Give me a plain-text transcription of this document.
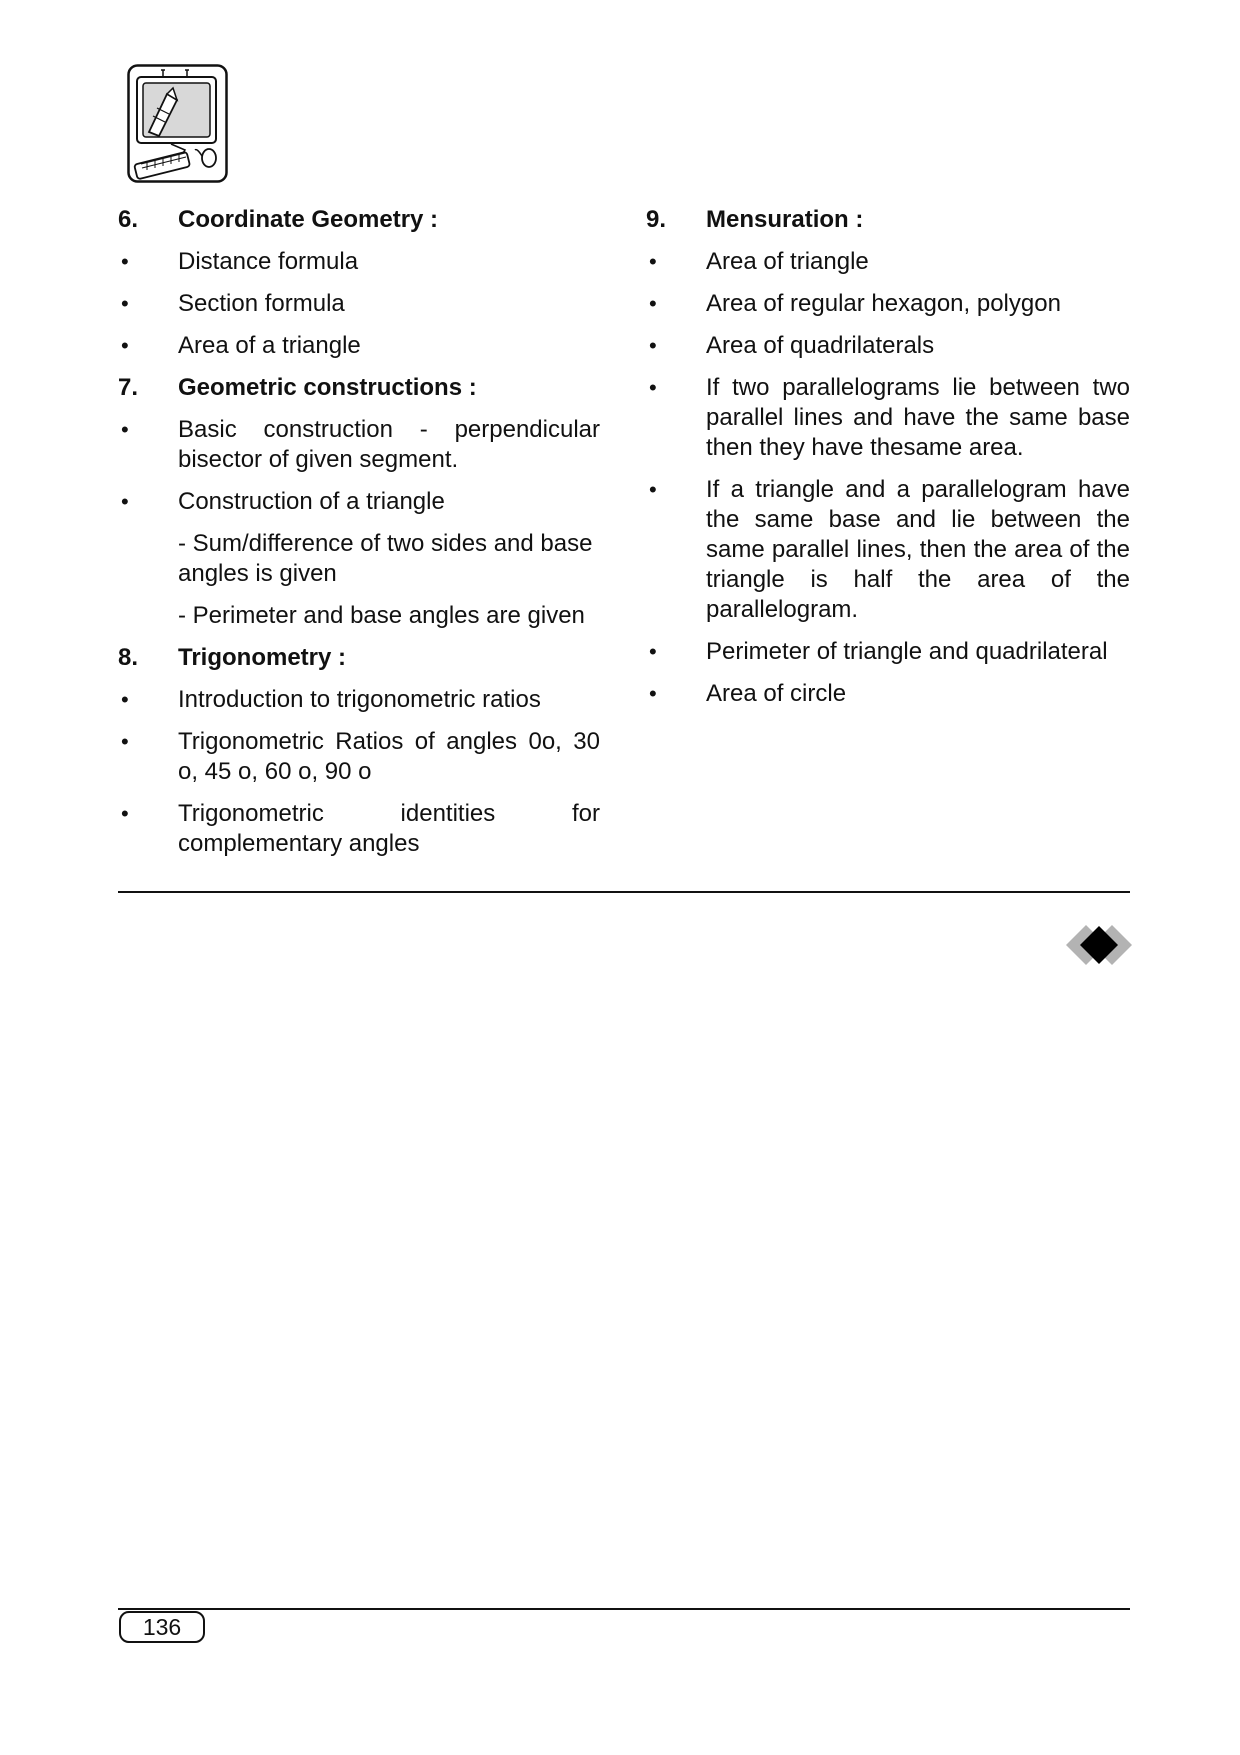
6. Coordinate Geometry :
• Distance formula
• Section formula
• Area of a triangle
7. Geometric constructions :
• Basic construction - perpendicular bisector of given segment.
• Construction of a triangle
- Sum/difference of two sides and base angles is given
- Perimeter and base angles are given
8. Trigonometry :
• Introduction to trigonometric ratios
• Trigonometric Ratios of angles 0o, 30 o, 45 o, 60 o, 90 o
• Trigonometric identities for complementary angles
9. Mensuration :
• Area of triangle
• Area of regular hexagon, polygon
• Area of quadrilaterals
• If two parallelograms lie between two parallel lines and have the same base then they have thesame area.
• If a triangle and a parallelogram have the same base and lie between the same parallel lines, then the area of the triangle is half the area of the parallelogram.
• Perimeter of triangle and quadrilateral
• Area of circle
136
